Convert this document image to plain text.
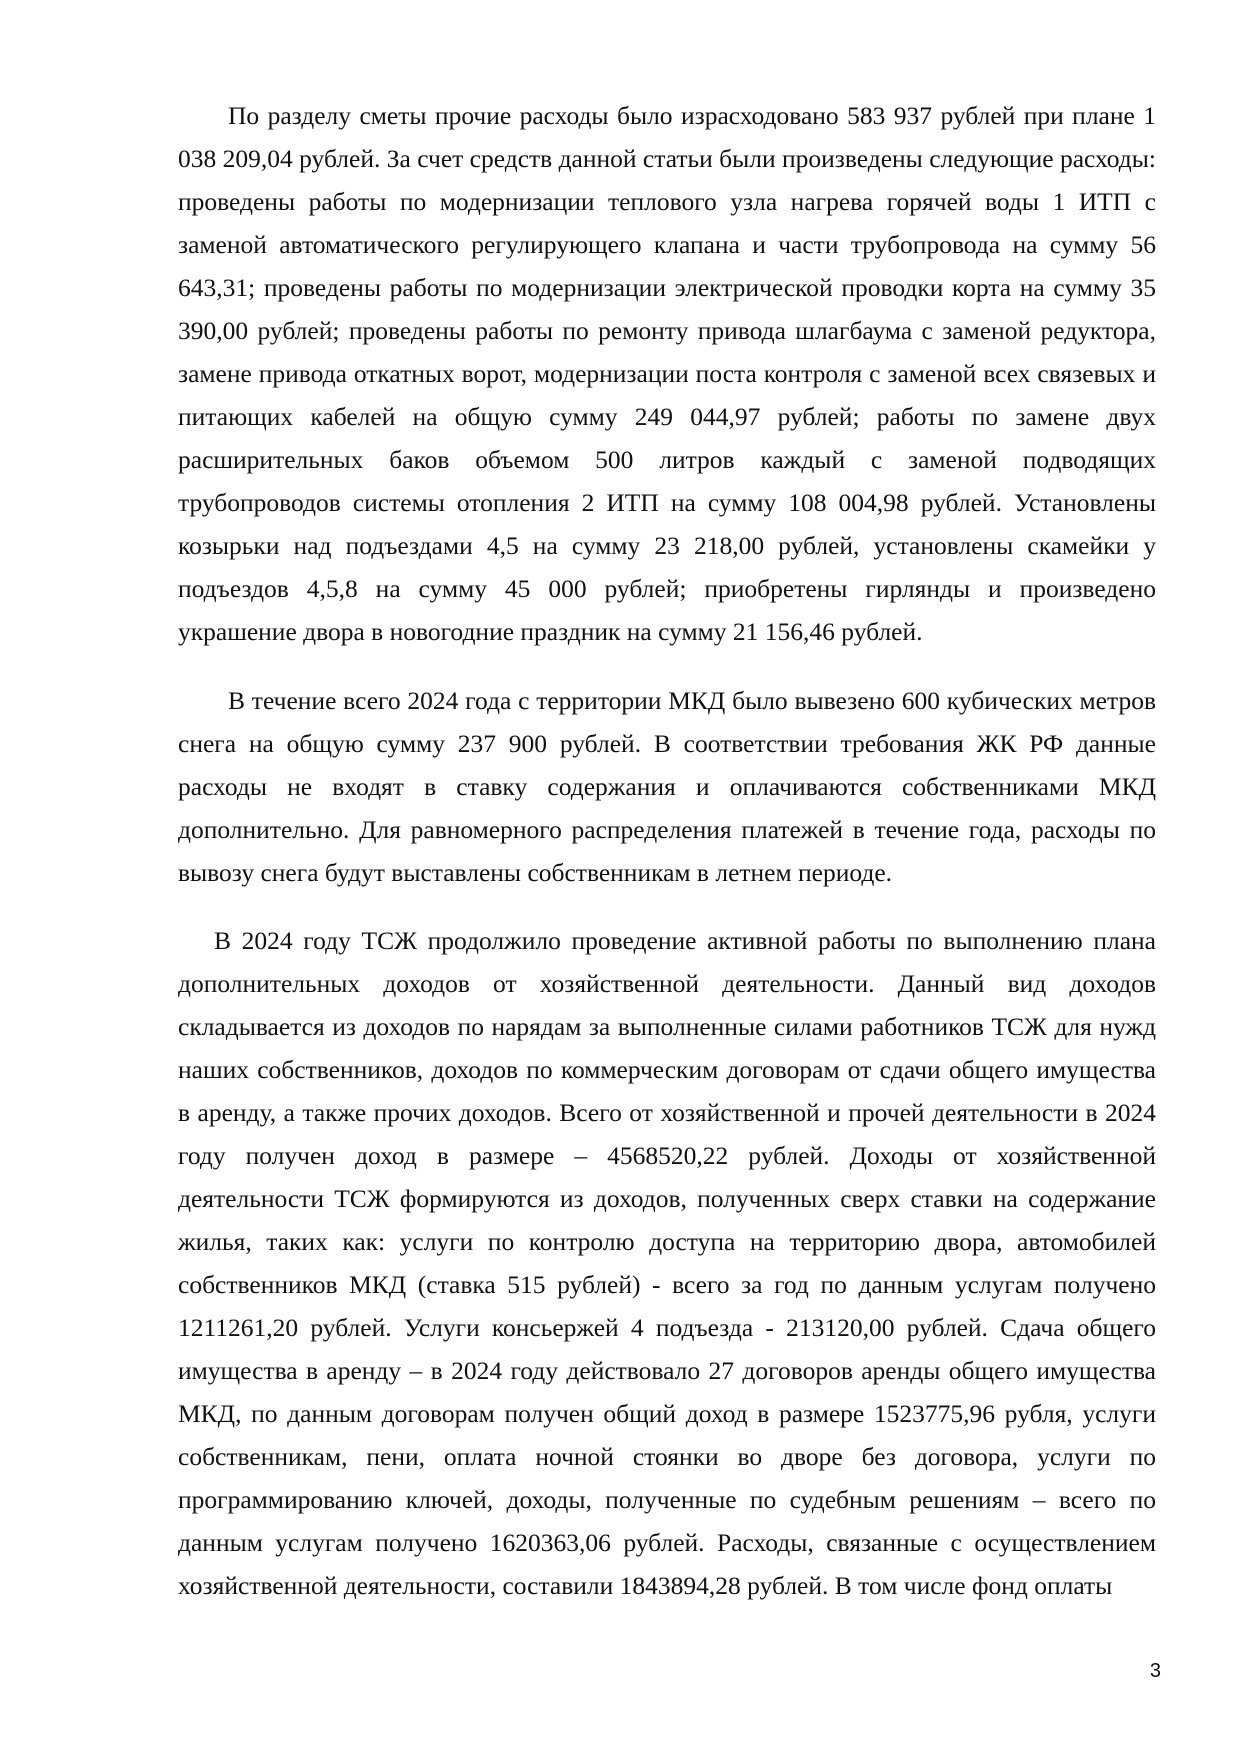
По разделу сметы прочие расходы было израсходовано 583 937 рублей при плане 1 038 209,04 рублей. За счет средств данной статьи были произведены следующие расходы: проведены работы по модернизации теплового узла нагрева горячей воды 1 ИТП с заменой автоматического регулирующего клапана и части трубопровода на сумму 56 643,31; проведены работы по модернизации электрической проводки корта на сумму 35 390,00 рублей; проведены работы по ремонту привода шлагбаума с заменой редуктора, замене привода откатных ворот, модернизации поста контроля с заменой всех связевых и питающих кабелей на общую сумму 249 044,97 рублей; работы по замене двух расширительных баков объемом 500 литров каждый с заменой подводящих трубопроводов системы отопления 2 ИТП на сумму 108 004,98 рублей. Установлены козырьки над подъездами 4,5 на сумму 23 218,00 рублей, установлены скамейки у подъездов 4,5,8 на сумму 45 000 рублей; приобретены гирлянды и произведено украшение двора в новогодние праздник на сумму 21 156,46 рублей.

В течение всего 2024 года с территории МКД было вывезено 600 кубических метров снега на общую сумму 237 900 рублей. В соответствии требования ЖК РФ данные расходы не входят в ставку содержания и оплачиваются собственниками МКД дополнительно. Для равномерного распределения платежей в течение года, расходы по вывозу снега будут выставлены собственникам в летнем периоде.

В 2024 году ТСЖ продолжило проведение активной работы по выполнению плана дополнительных доходов от хозяйственной деятельности. Данный вид доходов складывается из доходов по нарядам за выполненные силами работников ТСЖ для нужд наших собственников, доходов по коммерческим договорам от сдачи общего имущества в аренду, а также прочих доходов. Всего от хозяйственной и прочей деятельности в 2024 году получен доход в размере – 4568520,22 рублей. Доходы от хозяйственной деятельности ТСЖ формируются из доходов, полученных сверх ставки на содержание жилья, таких как: услуги по контролю доступа на территорию двора, автомобилей собственников МКД (ставка 515 рублей) - всего за год по данным услугам получено 1211261,20 рублей. Услуги консьержей 4 подъезда - 213120,00 рублей. Сдача общего имущества в аренду – в 2024 году действовало 27 договоров аренды общего имущества МКД, по данным договорам получен общий доход в размере 1523775,96 рубля, услуги собственникам, пени, оплата ночной стоянки во дворе без договора, услуги по программированию ключей, доходы, полученные по судебным решениям – всего по данным услугам получено 1620363,06 рублей. Расходы, связанные с осуществлением хозяйственной деятельности, составили 1843894,28 рублей. В том числе фонд оплаты

3
